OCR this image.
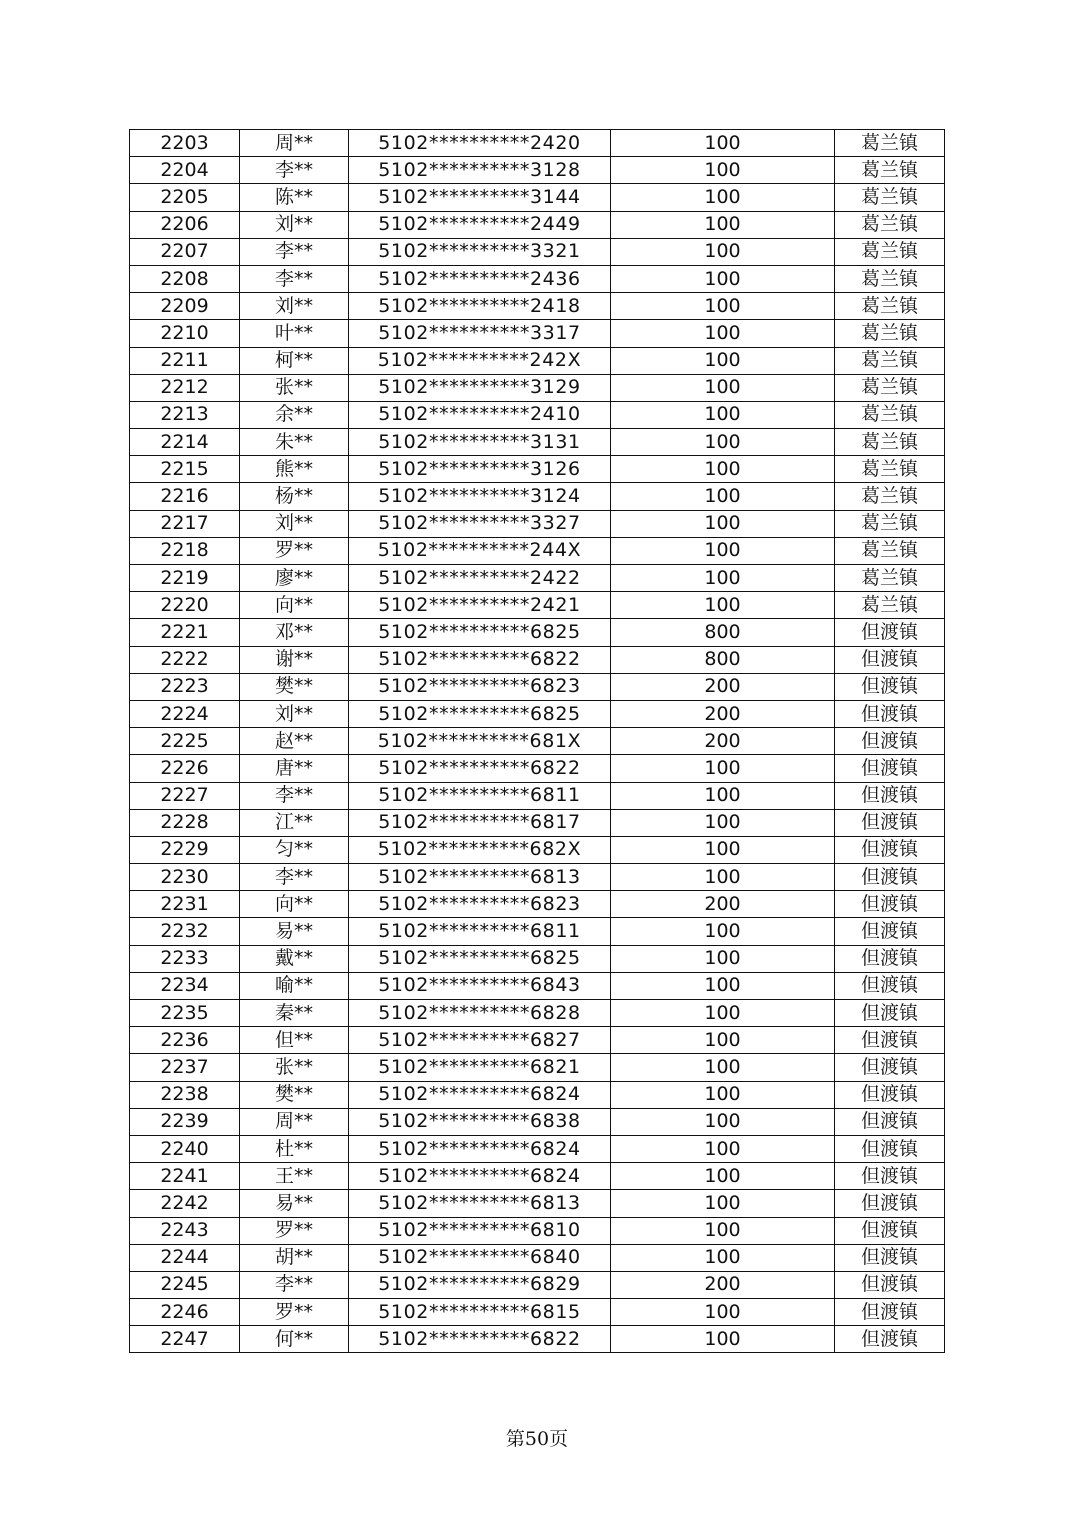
2203	周**	5102**********2420	100	葛兰镇
2204	李**	5102**********3128	100	葛兰镇
2205	陈**	5102**********3144	100	葛兰镇
2206	刘**	5102**********2449	100	葛兰镇
2207	李**	5102**********3321	100	葛兰镇
2208	李**	5102**********2436	100	葛兰镇
2209	刘**	5102**********2418	100	葛兰镇
2210	叶**	5102**********3317	100	葛兰镇
2211	柯**	5102**********242X	100	葛兰镇
2212	张**	5102**********3129	100	葛兰镇
2213	余**	5102**********2410	100	葛兰镇
2214	朱**	5102**********3131	100	葛兰镇
2215	熊**	5102**********3126	100	葛兰镇
2216	杨**	5102**********3124	100	葛兰镇
2217	刘**	5102**********3327	100	葛兰镇
2218	罗**	5102**********244X	100	葛兰镇
2219	廖**	5102**********2422	100	葛兰镇
2220	向**	5102**********2421	100	葛兰镇
2221	邓**	5102**********6825	800	但渡镇
2222	谢**	5102**********6822	800	但渡镇
2223	樊**	5102**********6823	200	但渡镇
2224	刘**	5102**********6825	200	但渡镇
2225	赵**	5102**********681X	200	但渡镇
2226	唐**	5102**********6822	100	但渡镇
2227	李**	5102**********6811	100	但渡镇
2228	江**	5102**********6817	100	但渡镇
2229	匀**	5102**********682X	100	但渡镇
2230	李**	5102**********6813	100	但渡镇
2231	向**	5102**********6823	200	但渡镇
2232	易**	5102**********6811	100	但渡镇
2233	戴**	5102**********6825	100	但渡镇
2234	喻**	5102**********6843	100	但渡镇
2235	秦**	5102**********6828	100	但渡镇
2236	但**	5102**********6827	100	但渡镇
2237	张**	5102**********6821	100	但渡镇
2238	樊**	5102**********6824	100	但渡镇
2239	周**	5102**********6838	100	但渡镇
2240	杜**	5102**********6824	100	但渡镇
2241	王**	5102**********6824	100	但渡镇
2242	易**	5102**********6813	100	但渡镇
2243	罗**	5102**********6810	100	但渡镇
2244	胡**	5102**********6840	100	但渡镇
2245	李**	5102**********6829	200	但渡镇
2246	罗**	5102**********6815	100	但渡镇
2247	何**	5102**********6822	100	但渡镇
第50页
